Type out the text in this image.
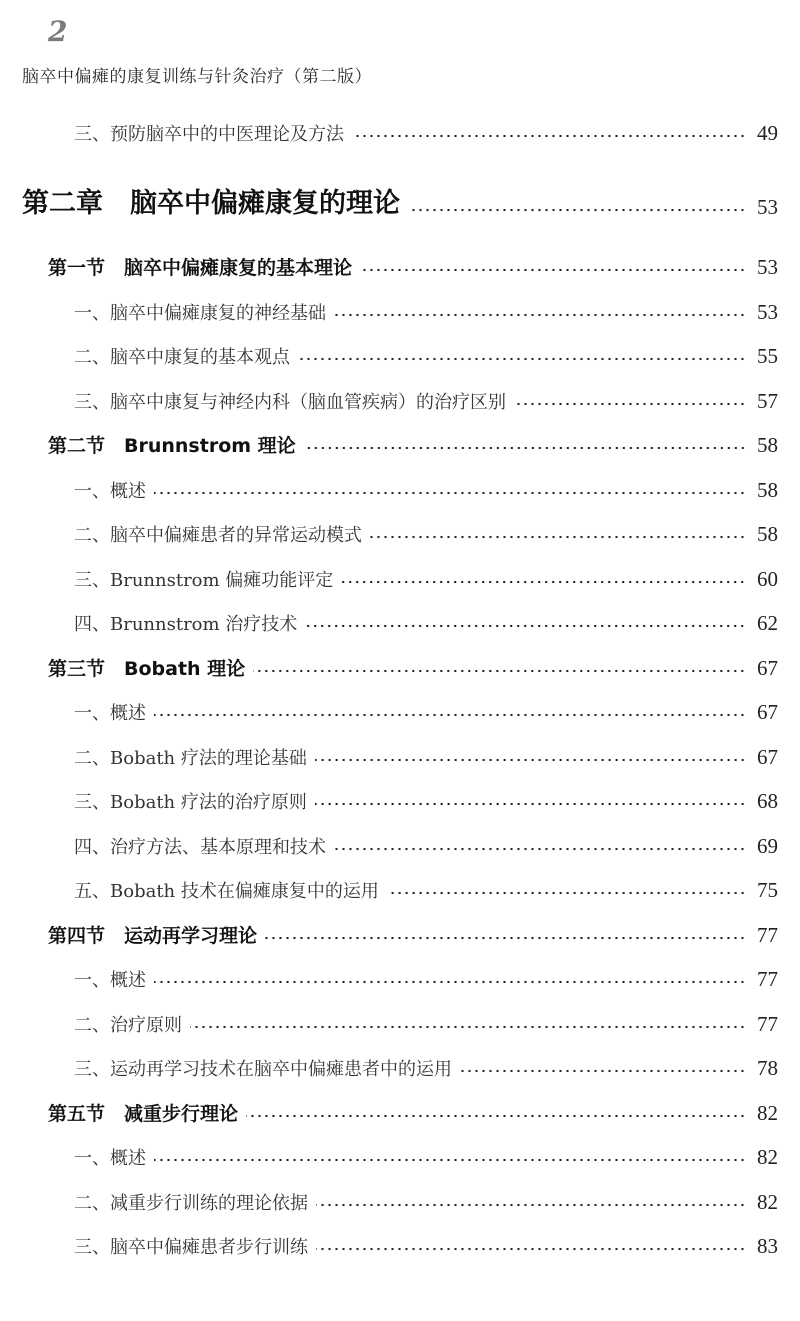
2
脑卒中偏瘫的康复训练与针灸治疗（第二版）
三、预防脑卒中的中医理论及方法	49
第二章　脑卒中偏瘫康复的理论	53
第一节　脑卒中偏瘫康复的基本理论	53
一、脑卒中偏瘫康复的神经基础	53
二、脑卒中康复的基本观点	55
三、脑卒中康复与神经内科（脑血管疾病）的治疗区别	57
第二节　Brunnstrom 理论	58
一、概述	58
二、脑卒中偏瘫患者的异常运动模式	58
三、Brunnstrom 偏瘫功能评定	60
四、Brunnstrom 治疗技术	62
第三节　Bobath 理论	67
一、概述	67
二、Bobath 疗法的理论基础	67
三、Bobath 疗法的治疗原则	68
四、治疗方法、基本原理和技术	69
五、Bobath 技术在偏瘫康复中的运用	75
第四节　运动再学习理论	77
一、概述	77
二、治疗原则	77
三、运动再学习技术在脑卒中偏瘫患者中的运用	78
第五节　减重步行理论	82
一、概述	82
二、减重步行训练的理论依据	82
三、脑卒中偏瘫患者步行训练	83
